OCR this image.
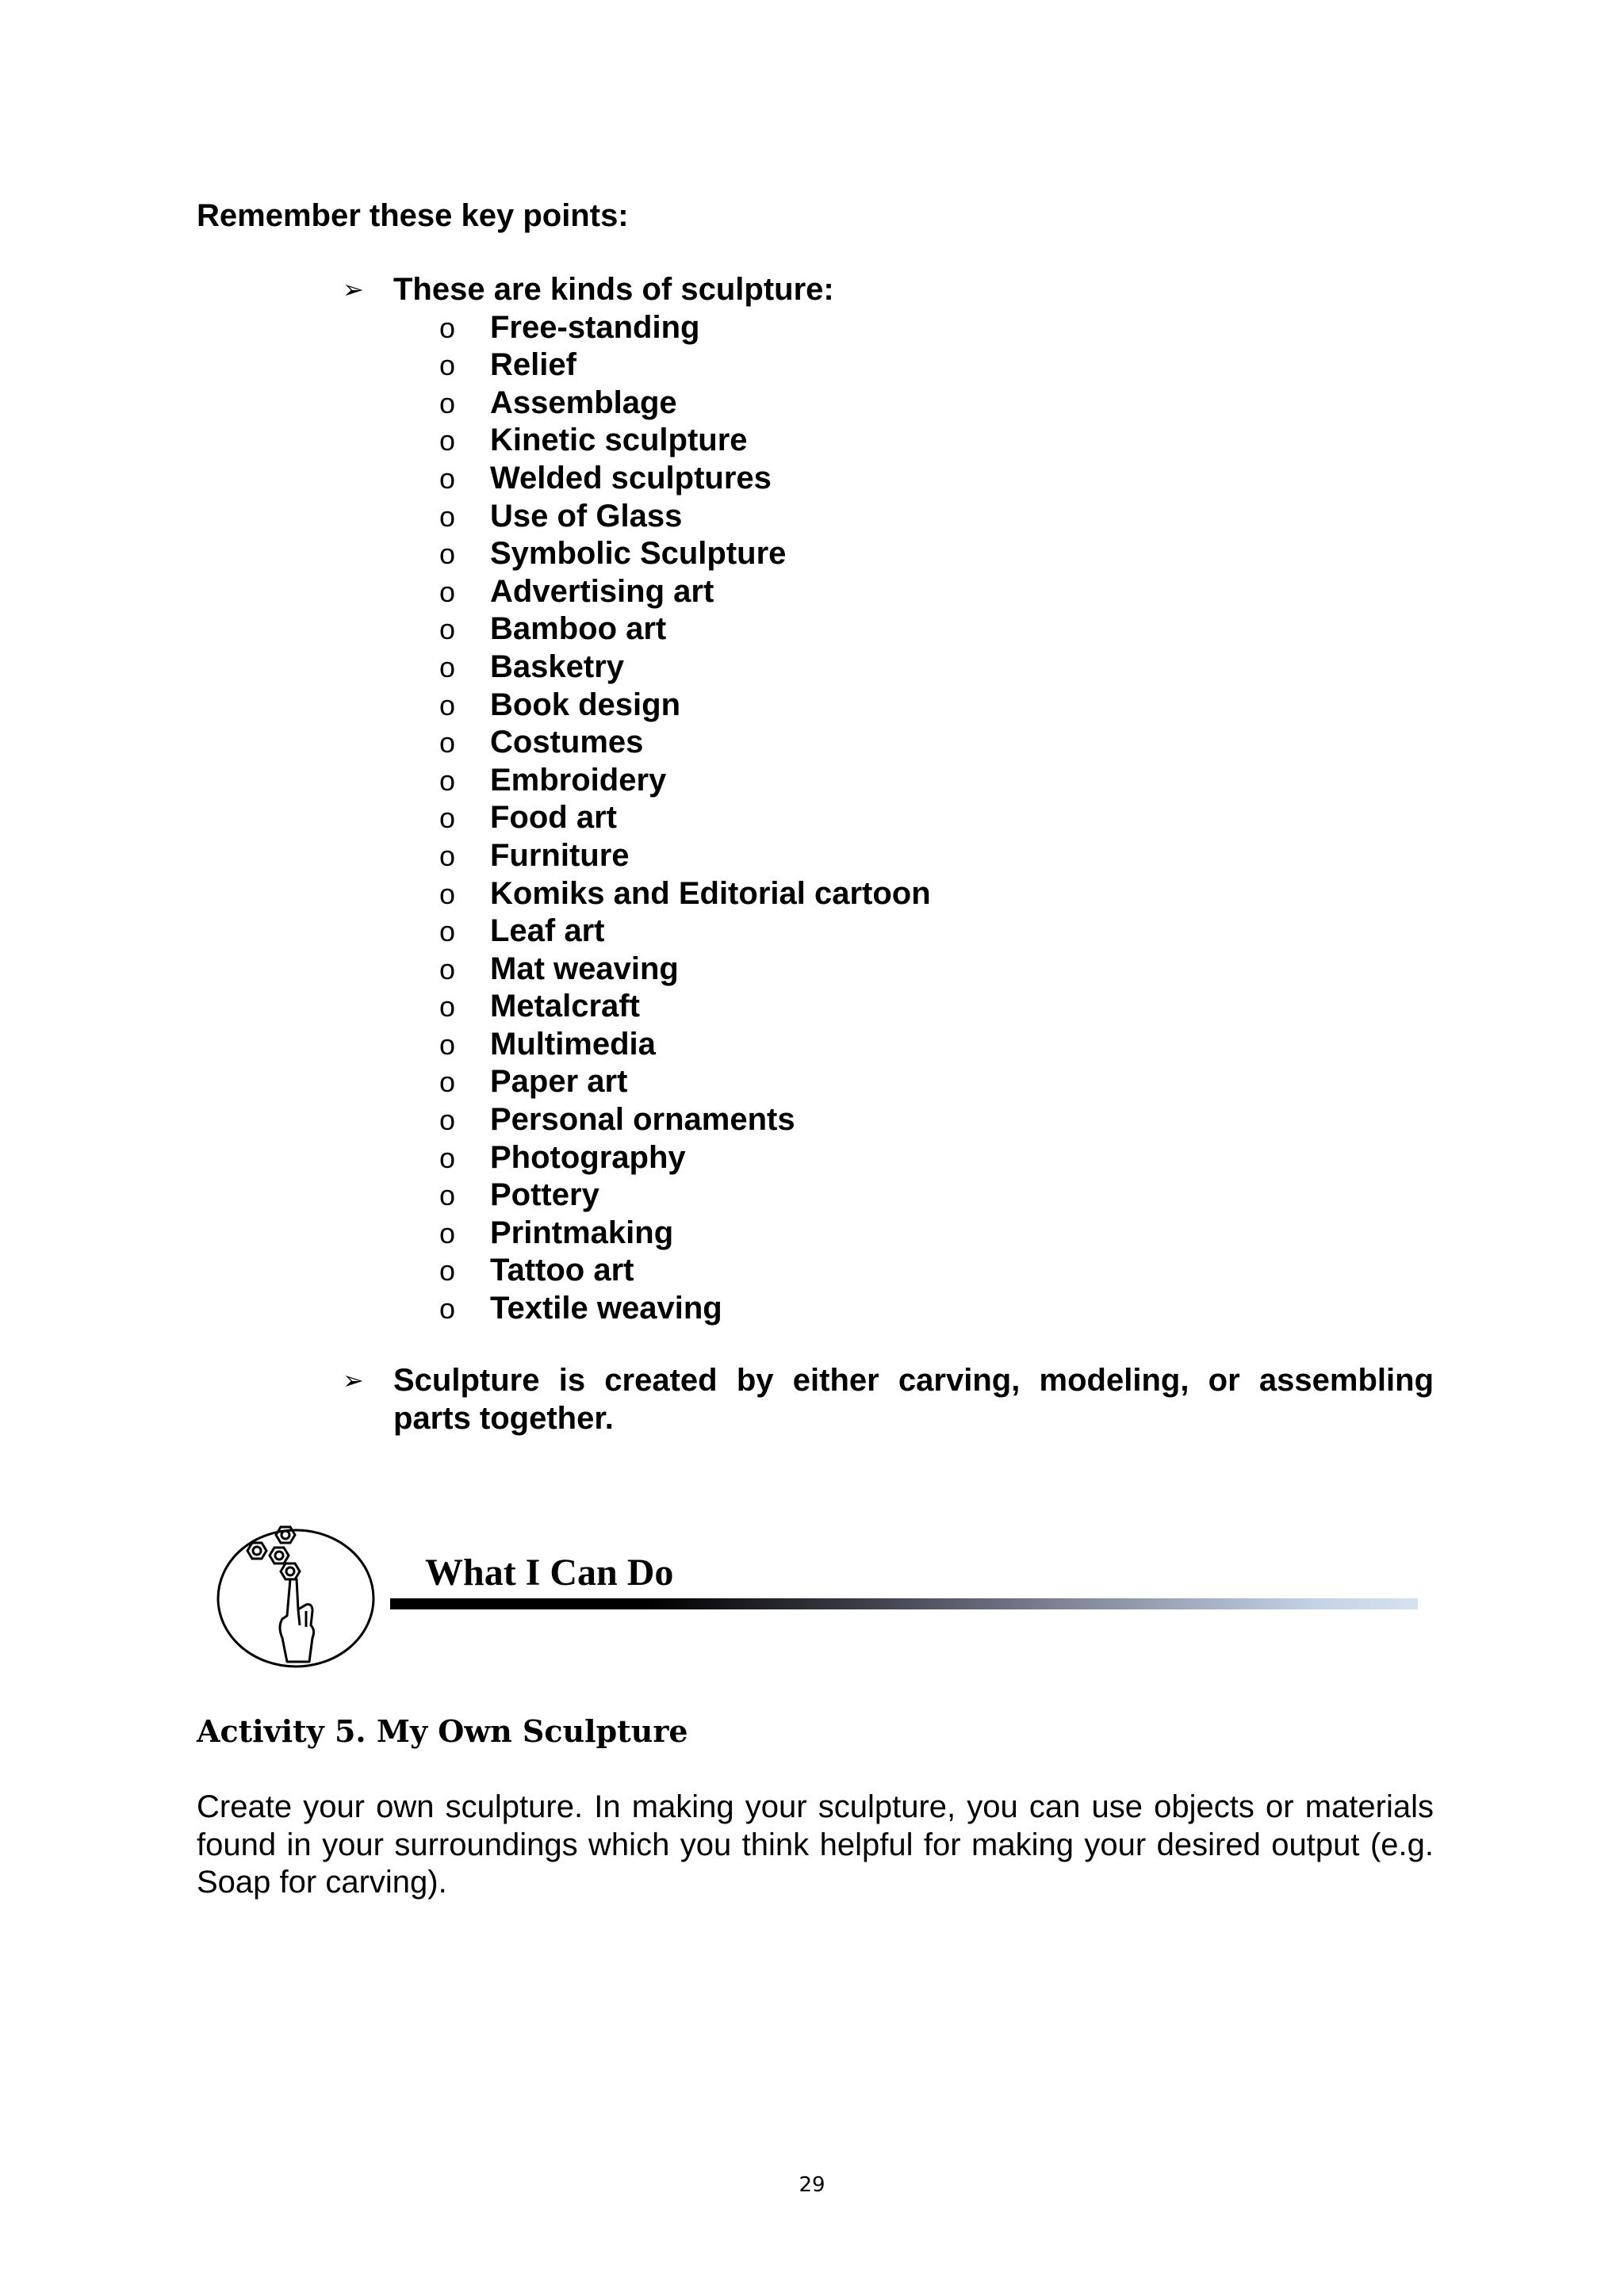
Remember these key points:
➢ These are kinds of sculpture:
o Free-standing
o Relief
o Assemblage
o Kinetic sculpture
o Welded sculptures
o Use of Glass
o Symbolic Sculpture
o Advertising art
o Bamboo art
o Basketry
o Book design
o Costumes
o Embroidery
o Food art
o Furniture
o Komiks and Editorial cartoon
o Leaf art
o Mat weaving
o Metalcraft
o Multimedia
o Paper art
o Personal ornaments
o Photography
o Pottery
o Printmaking
o Tattoo art
o Textile weaving
➢ Sculpture is created by either carving, modeling, or assembling parts together.
What I Can Do
Activity 5. My Own Sculpture

Create your own sculpture. In making your sculpture, you can use objects or materials found in your surroundings which you think helpful for making your desired output (e.g. Soap for carving).

29
